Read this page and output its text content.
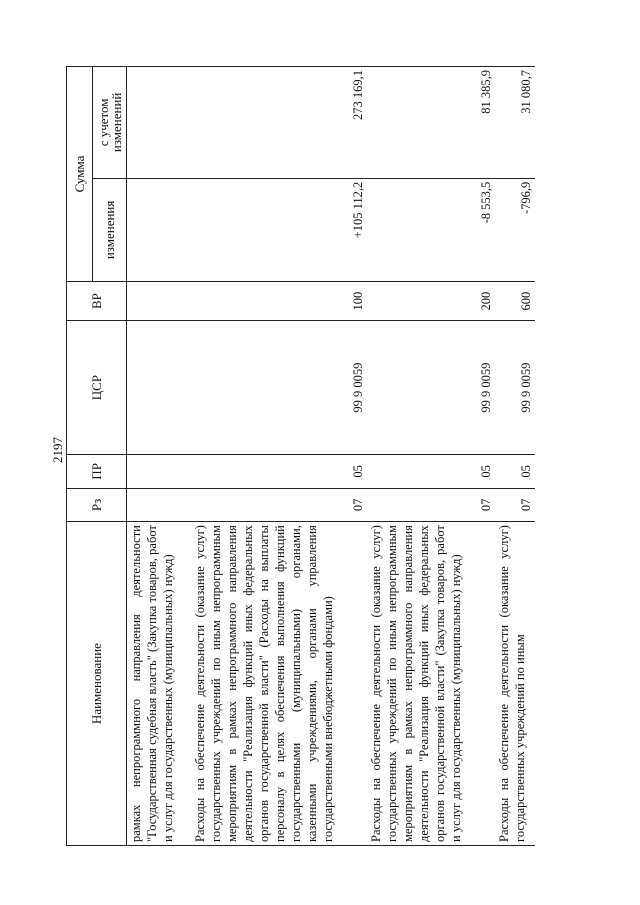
2197
Наименование	Рз	ПР	ЦСР	ВР	Сумма	
					изменения	с учетом изменений
рамках непрограммного направления деятельности "Государственная судебная власть" (Закупка товаров, работ и услуг для государственных (муниципальных) нужд)						
Расходы на обеспечение деятельности (оказание услуг) государственных учреждений по иным непрограммным мероприятиям в рамках непрограммного направления деятельности "Реализация функций иных федеральных органов государственной власти" (Расходы на выплаты персоналу в целях обеспечения выполнения функций государственными (муниципальными) органами, казенными учреждениями, органами управления государственными внебюджетными фондами)	07	05	99 9 0059	100	+105 112,2	273 169,1
Расходы на обеспечение деятельности (оказание услуг) государственных учреждений по иным непрограммным мероприятиям в рамках непрограммного направления деятельности "Реализация функций иных федеральных органов государственной власти" (Закупка товаров, работ и услуг для государственных (муниципальных) нужд)	07	05	99 9 0059	200	-8 553,5	81 385,9
Расходы на обеспечение деятельности (оказание услуг) государственных учреждений по иным	07	05	99 9 0059	600	-796,9	31 080,7
